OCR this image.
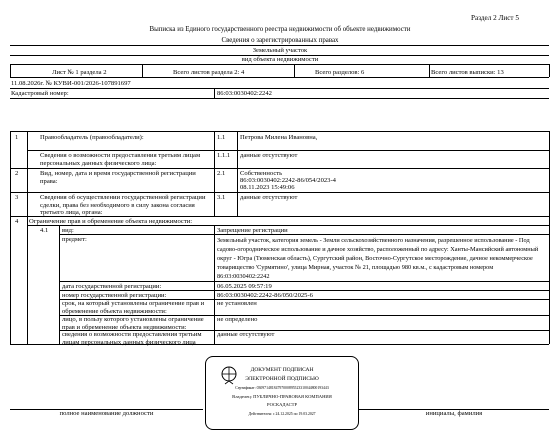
Раздел 2 Лист 5
Выписка из Единого государственного реестра недвижимости об объекте недвижимости
Сведения о зарегистрированных правах
Земельный участок
вид объекта недвижимости
Лист № 1 раздела 2	Всего листов раздела 2: 4	Всего разделов: 6	Всего листов выписки: 13
11.08.2026г. № КУВИ-001/2026-107891697
Кадастровый номер:	86:03:0030402:2242
1	Правообладатель (правообладатели):	1.1 Петрова Милена Ивановна,
Сведения о возможности предоставления третьим лицам персональных данных физического лица:
1.1.1 данные отсутствуют
2	Вид, номер, дата и время государственной регистрации права:
2.1 Собственность
86:03:0030402:2242-86/054/2023-4
08.11.2023 15:49:06
3	Сведения об осуществлении государственной регистрации сделки, права без необходимого в силу закона согласия третьего лица, органа:
3.1 данные отсутствуют
4 Ограничение прав и обременение объекта недвижимости:
4.1 вид:	Запрещение регистрации
предмет:	Земельный участок, категория земель - Земли сельскохозяйственного назначения, разрешенное использование - Под садово-огородническое использование и дачное хозяйство, расположенный по адресу: Ханты-Мансийский автономный округ - Югра (Тюменская область), Сургутский район, Восточно-Сургутское месторождение, дачное некоммерческое товарищество 'Сурмятино', улица Мирная, участок № 21, площадью 980 кв.м., с кадастровым номером 86:03:0030402:2242
дата государственной регистрации:	06.05.2025 09:57:19
номер государственной регистрации:	86:03:0030402:2242-86/050/2025-6
срок, на который установлены ограничение прав и обременение объекта недвижимости:
не установлен
лицо, в пользу которого установлены ограничение прав и обременение объекта недвижимости:
не определено
сведения о возможности предоставления третьим лицам персональных данных физического лица
данные отсутствуют
полное наименование должности	инициалы, фамилия
ДОКУМЕНТ ПОДПИСАН
ЭЛЕКТРОННОЙ ПОДПИСЬЮ
Сертификат: 03097148184797000895523310044800193443
Владелец: ПУБЛИЧНО-ПРАВОВАЯ КОМПАНИЯ
РОСКАДАСТР
Действителен: с 24.12.2025 по 19.03.2027
